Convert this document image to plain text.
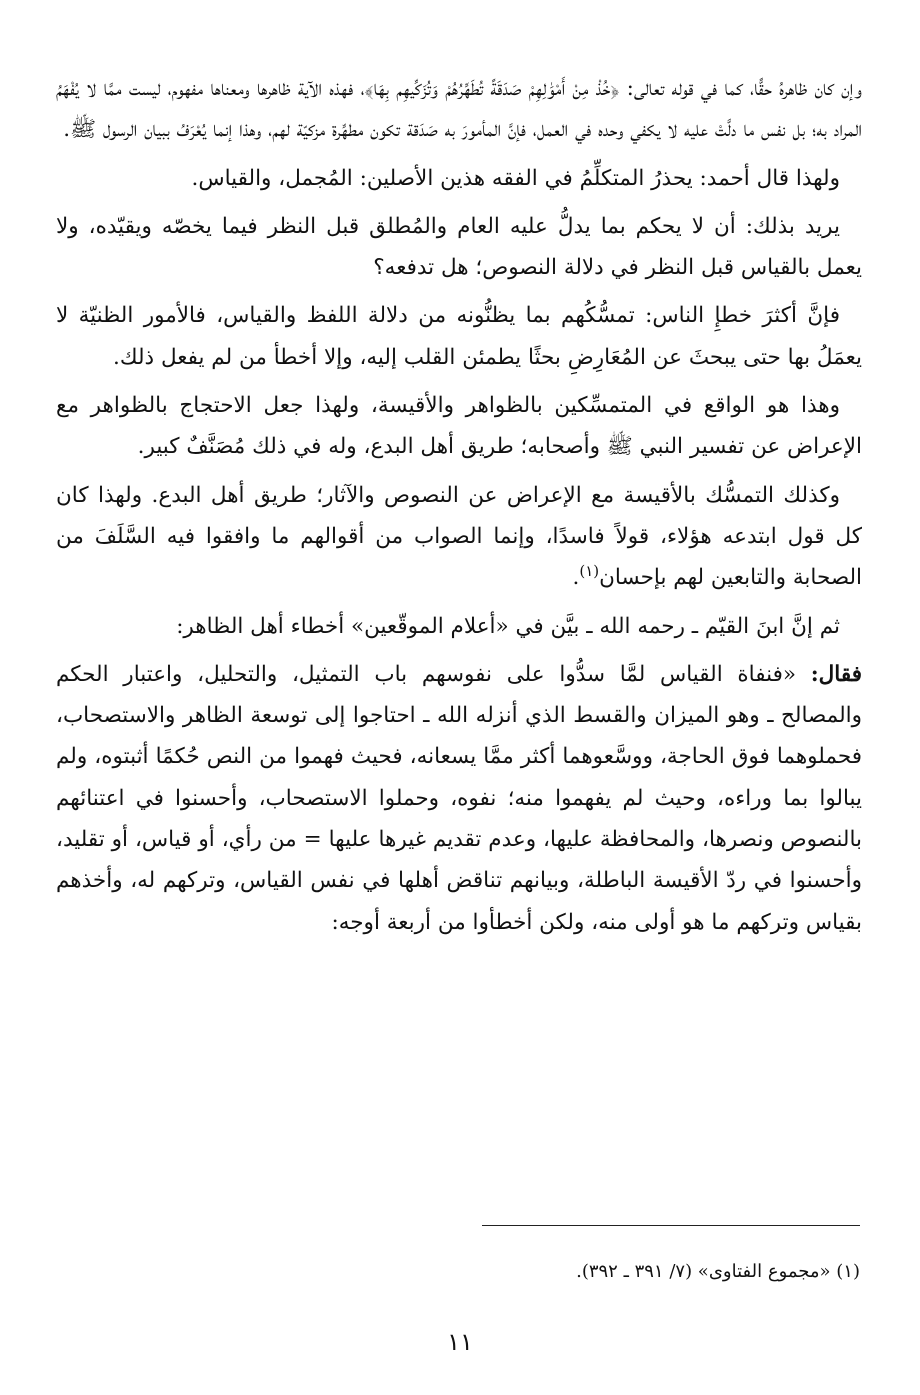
وإن كان ظاهرهُ حقًّا، كما في قوله تعالى: ﴿خُذْ مِنْ أَمْوَٰلِهِمْ صَدَقَةً تُطَهِّرُهُمْ وَتُزَكِّيهِم بِهَا﴾، فهذه الآية ظاهرها ومعناها مفهوم، ليست ممَّا لا يُفْهَمُ المراد به؛ بل نفس ما دلَّتْ عليه لا يكفي وحده في العمل، فإنَّ المأمورَ به صَدَقة تكون مطهِّرة مزكيّة لهم، وهذا إنما يُعْرَفُ ببيان الرسول ﷺ.

ولهذا قال أحمد: يحذرُ المتكلِّمُ في الفقه هذين الأصلين: المُجمل، والقياس.

يريد بذلك: أن لا يحكم بما يدلُّ عليه العام والمُطلق قبل النظر فيما يخصّه ويقيّده، ولا يعمل بالقياس قبل النظر في دلالة النصوص؛ هل تدفعه؟

فإنَّ أكثرَ خطإِ الناس: تمسُّكُهم بما يظنُّونه من دلالة اللفظ والقياس، فالأمور الظنيّة لا يعمَلُ بها حتى يبحثَ عن المُعَارِضِ بحثًا يطمئن القلب إليه، وإلا أخطأ من لم يفعل ذلك.

وهذا هو الواقع في المتمسِّكين بالظواهر والأقيسة، ولهذا جعل الاحتجاج بالظواهر مع الإعراض عن تفسير النبي ﷺ وأصحابه؛ طريق أهل البدع، وله في ذلك مُصَنَّفٌ كبير.

وكذلك التمسُّك بالأقيسة مع الإعراض عن النصوص والآثار؛ طريق أهل البدع. ولهذا كان كل قول ابتدعه هؤلاء، قولاً فاسدًا، وإنما الصواب من أقوالهم ما وافقوا فيه السَّلَفَ من الصحابة والتابعين لهم بإحسان$^{(١)}$.

ثم إنَّ ابنَ القيّم ـ رحمه الله ـ بيَّن في «أعلام الموقّعين» أخطاء أهل الظاهر:

فقال: «فنفاة القياس لمَّا سدُّوا على نفوسهم باب التمثيل، والتحليل، واعتبار الحكم والمصالح ـ وهو الميزان والقسط الذي أنزله الله ـ احتاجوا إلى توسعة الظاهر والاستصحاب، فحملوهما فوق الحاجة، ووسَّعوهما أكثر ممَّا يسعانه، فحيث فهموا من النص حُكمًا أثبتوه، ولم يبالوا بما وراءه، وحيث لم يفهموا منه؛ نفوه، وحملوا الاستصحاب، وأحسنوا في اعتنائهم بالنصوص ونصرها، والمحافظة عليها، وعدم تقديم غيرها عليها = من رأي، أو قياس، أو تقليد، وأحسنوا في ردّ الأقيسة الباطلة، وبيانهم تناقض أهلها في نفس القياس، وتركهم له، وأخذهم بقياس وتركهم ما هو أولى منه، ولكن أخطأوا من أربعة أوجه:

(١) «مجموع الفتاوى» (٧/ ٣٩١ ـ ٣٩٢).
١١
